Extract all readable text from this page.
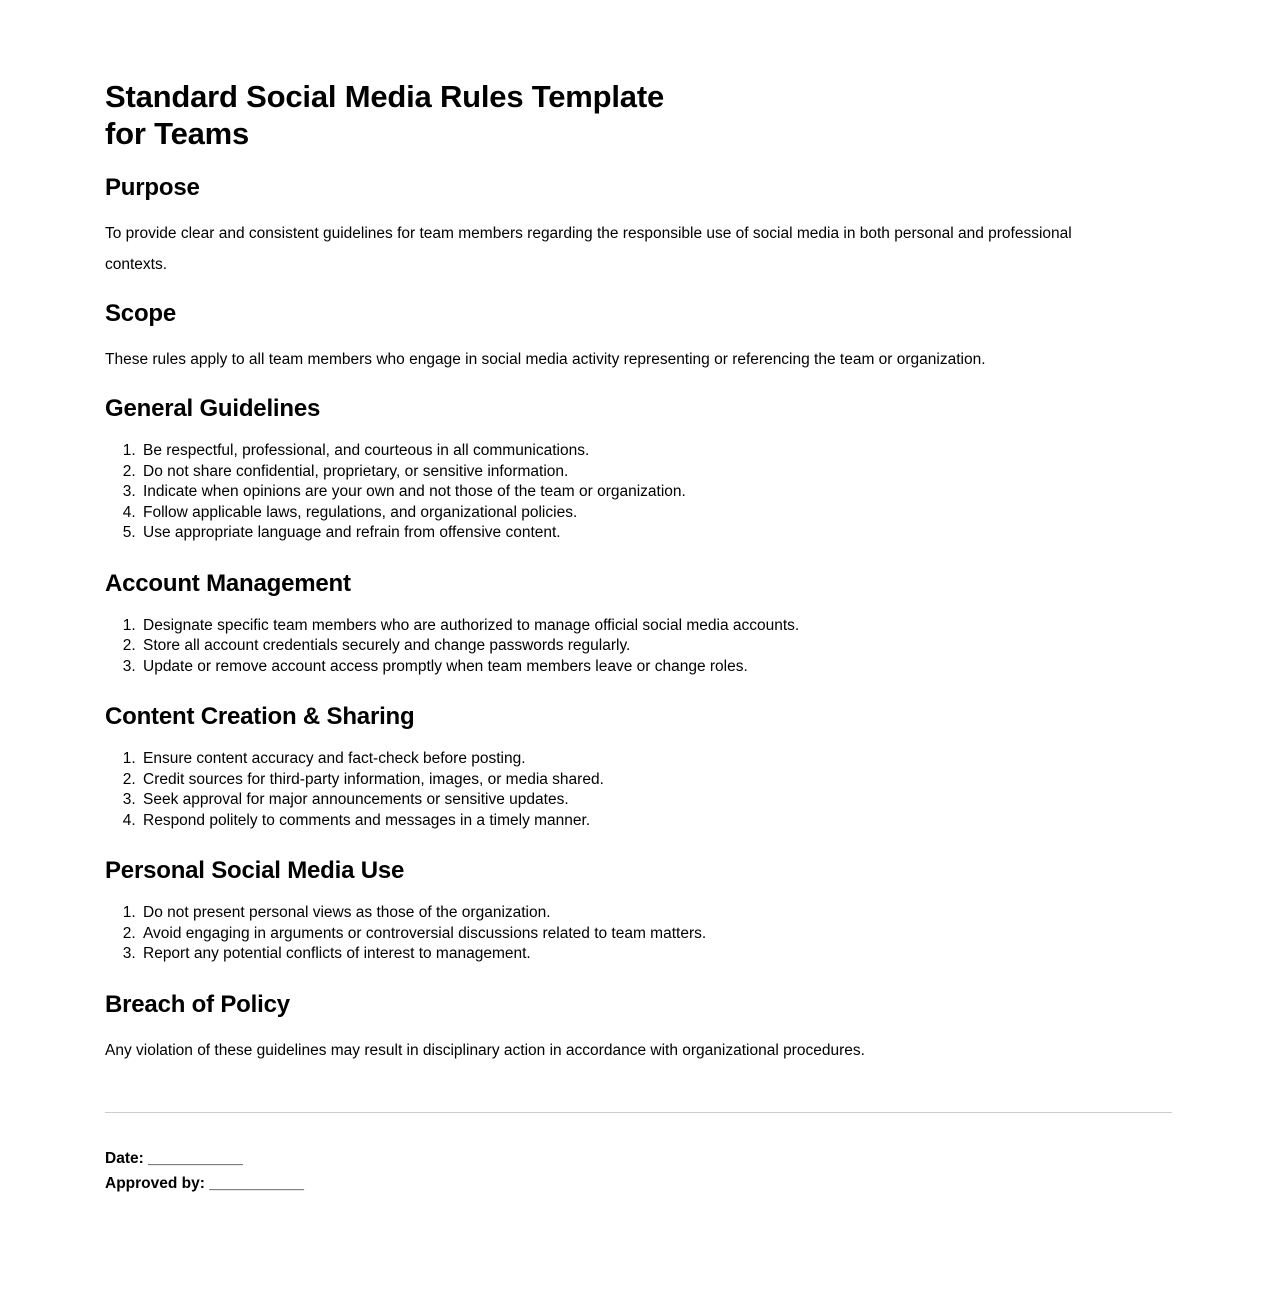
Standard Social Media Rules Template
for Teams
Purpose

To provide clear and consistent guidelines for team members regarding the responsible use of social media in both personal and professional contexts.

Scope

These rules apply to all team members who engage in social media activity representing or referencing the team or organization.

General Guidelines
1. Be respectful, professional, and courteous in all communications.
2. Do not share confidential, proprietary, or sensitive information.
3. Indicate when opinions are your own and not those of the team or organization.
4. Follow applicable laws, regulations, and organizational policies.
5. Use appropriate language and refrain from offensive content.
Account Management
1. Designate specific team members who are authorized to manage official social media accounts.
2. Store all account credentials securely and change passwords regularly.
3. Update or remove account access promptly when team members leave or change roles.
Content Creation & Sharing
1. Ensure content accuracy and fact-check before posting.
2. Credit sources for third-party information, images, or media shared.
3. Seek approval for major announcements or sensitive updates.
4. Respond politely to comments and messages in a timely manner.
Personal Social Media Use
1. Do not present personal views as those of the organization.
2. Avoid engaging in arguments or controversial discussions related to team matters.
3. Report any potential conflicts of interest to management.
Breach of Policy

Any violation of these guidelines may result in disciplinary action in accordance with organizational procedures.

Date: ___________
Approved by: ___________
